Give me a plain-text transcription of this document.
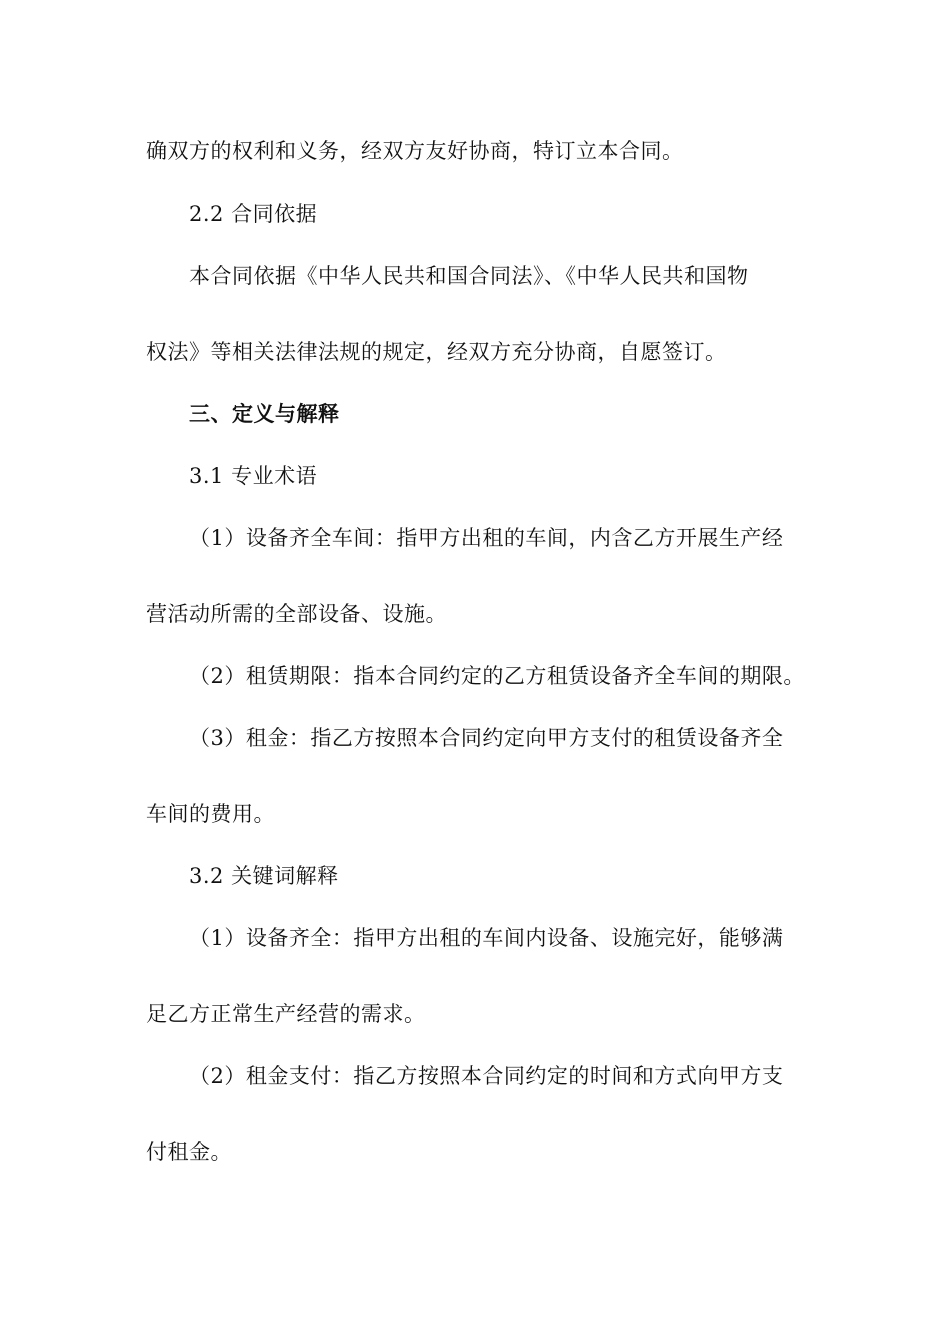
确双方的权利和义务，经双方友好协商，特订立本合同。
2.2 合同依据
本合同依据《中华人民共和国合同法》、《中华人民共和国物
权法》等相关法律法规的规定，经双方充分协商，自愿签订。
三、定义与解释
3.1 专业术语
（1）设备齐全车间：指甲方出租的车间，内含乙方开展生产经
营活动所需的全部设备、设施。
（2）租赁期限：指本合同约定的乙方租赁设备齐全车间的期限。
（3）租金：指乙方按照本合同约定向甲方支付的租赁设备齐全
车间的费用。
3.2 关键词解释
（1）设备齐全：指甲方出租的车间内设备、设施完好，能够满
足乙方正常生产经营的需求。
（2）租金支付：指乙方按照本合同约定的时间和方式向甲方支
付租金。
